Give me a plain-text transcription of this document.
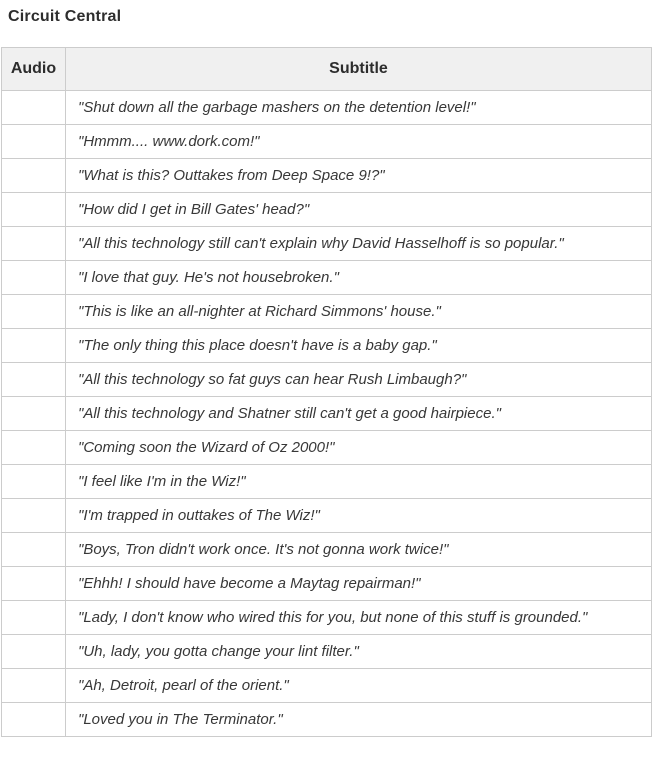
Circuit Central
Audio	Subtitle
	"Shut down all the garbage mashers on the detention level!"
	"Hmmm.... www.dork.com!"
	"What is this? Outtakes from Deep Space 9!?"
	"How did I get in Bill Gates' head?"
	"All this technology still can't explain why David Hasselhoff is so popular."
	"I love that guy. He's not housebroken."
	"This is like an all-nighter at Richard Simmons' house."
	"The only thing this place doesn't have is a baby gap."
	"All this technology so fat guys can hear Rush Limbaugh?"
	"All this technology and Shatner still can't get a good hairpiece."
	"Coming soon the Wizard of Oz 2000!"
	"I feel like I'm in the Wiz!"
	"I'm trapped in outtakes of The Wiz!"
	"Boys, Tron didn't work once. It's not gonna work twice!"
	"Ehhh! I should have become a Maytag repairman!"
	"Lady, I don't know who wired this for you, but none of this stuff is grounded."
	"Uh, lady, you gotta change your lint filter."
	"Ah, Detroit, pearl of the orient."
	"Loved you in The Terminator."
